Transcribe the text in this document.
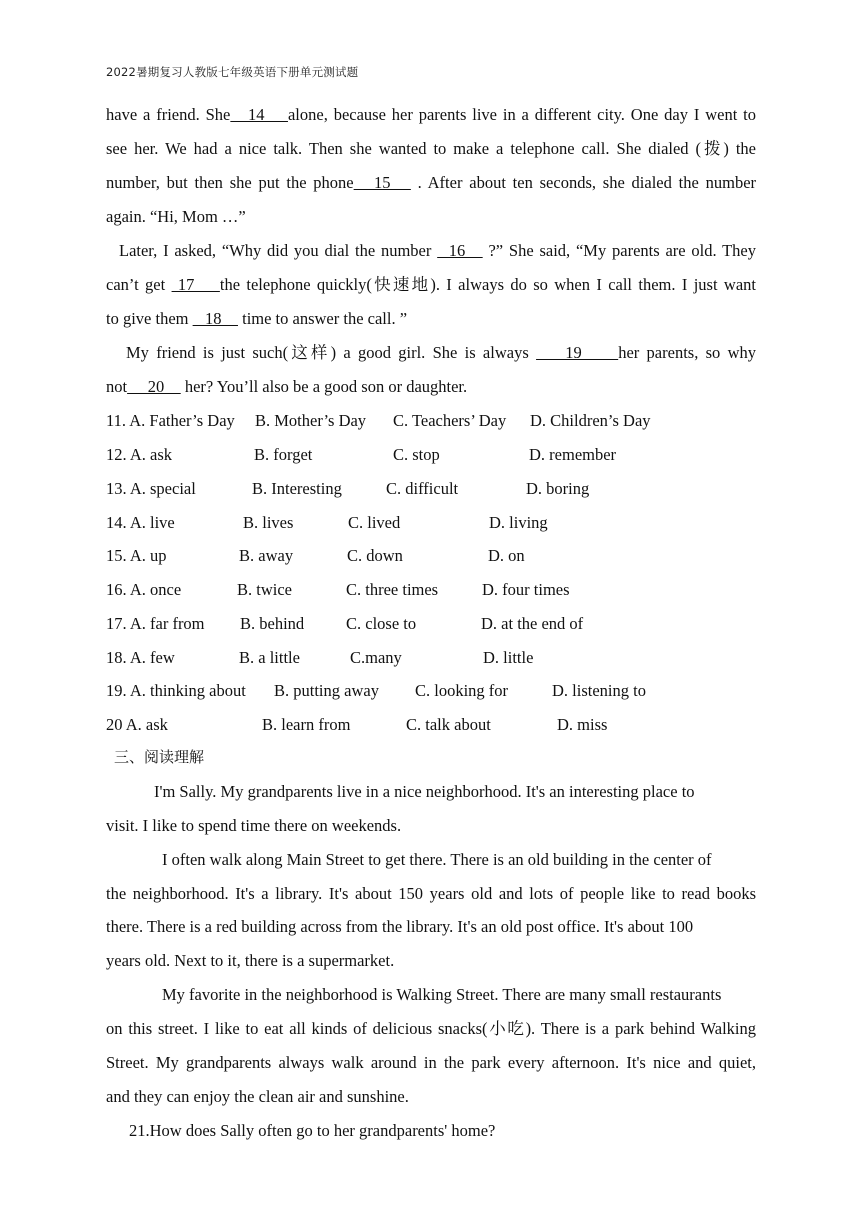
2022暑期复习人教版七年级英语下册单元测试题
have a friend. She   14    alone, because her parents live in a different city. One day I went to
see her. We had a nice talk. Then she wanted to make a telephone call. She dialed (拨) the
number, but then she put the phone   15    . After about ten seconds, she dialed the number
again. “Hi, Mom …”
Later, I asked, “Why did you dial the number   16    ?” She said, “My parents are old. They
can’t get  17    the telephone quickly(快速地). I always do so when I call them. I just want
to give them    18     time to answer the call. ”
My friend is just such(这样) a good girl. She is always     19     her parents, so why
not     20     her? You’ll also be a good son or daughter.
11. A. Father’s Day B. Mother’s Day C. Teachers’ Day D. Children’s Day
12. A. ask	B. forget	C. stop	D. remember
13. A. special	B. Interesting	C. difficult	D. boring
14. A. live	B. lives	C. lived	D. living
15. A. up	B. away	C. down	D. on
16. A. once	B. twice	C. three times	D. four times
17. A. far from B. behind	C. close to	D. at the end of
18. A. few	B. a little	C.many	D. little
19. A. thinking about B. putting away C. looking for	D. listening to
20 A. ask	B. learn from	C. talk about	D. miss
三、阅读理解
I'm Sally. My grandparents live in a nice neighborhood. It's an interesting place to
visit. I like to spend time there on weekends.
I often walk along Main Street to get there. There is an old building in the center of
the neighborhood. It's a library. It's about 150 years old and lots of people like to read books
there. There is a red building across from the library. It's an old post office. It's about 100
years old. Next to it, there is a supermarket.
My favorite in the neighborhood is Walking Street. There are many small restaurants
on this street. I like to eat all kinds of delicious snacks(小吃). There is a park behind Walking
Street. My grandparents always walk around in the park every afternoon. It's nice and quiet,
and they can enjoy the clean air and sunshine.
21.How does Sally often go to her grandparents' home?
